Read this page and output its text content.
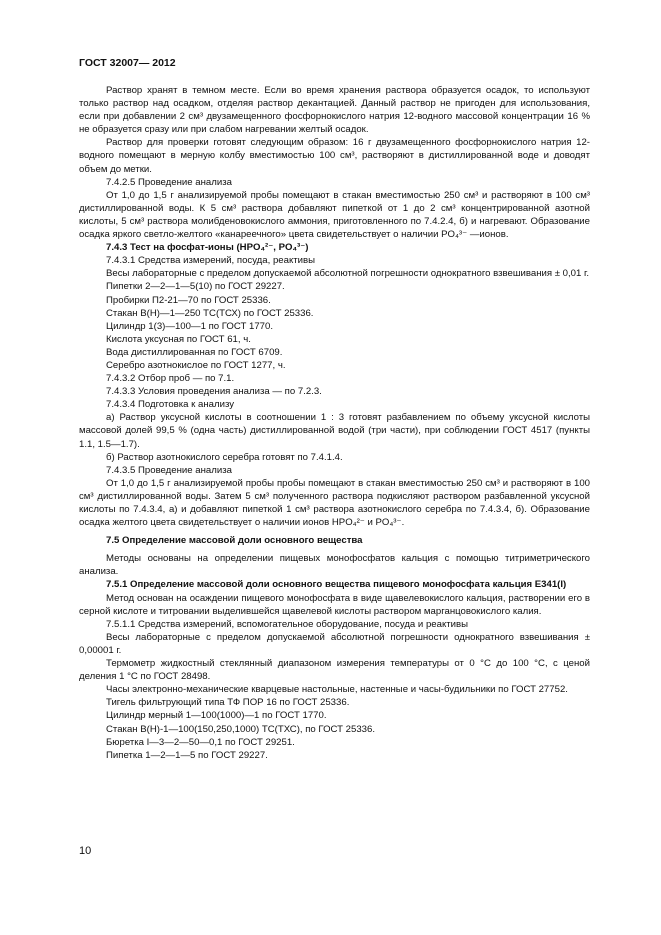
ГОСТ 32007— 2012

Раствор хранят в темном месте. Если во время хранения раствора образуется осадок, то используют только раствор над осадком, отделяя раствор декантацией. Данный раствор не пригоден для использования, если при добавлении 2 см³ двузамещенного фосфорнокислого натрия 12-водного массовой концентрации 16 % не образуется сразу или при слабом нагревании желтый осадок.

Раствор для проверки готовят следующим образом: 16 г двузамещенного фосфорнокислого натрия 12-водного помещают в мерную колбу вместимостью 100 см³, растворяют в дистиллированной воде и доводят объем до метки.

7.4.2.5 Проведение анализа

От 1,0 до 1,5 г анализируемой пробы помещают в стакан вместимостью 250 см³ и растворяют в 100 см³ дистиллированной воды. К 5 см³ раствора добавляют пипеткой от 1 до 2 см³ концентрированной азотной кислоты, 5 см³ раствора молибденовокислого аммония, приготовленного по 7.4.2.4, б) и нагревают. Образование осадка яркого светло-желтого «канареечного» цвета свидетельствует о наличии PO₄³⁻ —ионов.

7.4.3 Тест на фосфат-ионы (HPO₄²⁻, PO₄³⁻)

7.4.3.1 Средства измерений, посуда, реактивы

Весы лабораторные с пределом допускаемой абсолютной погрешности однократного взвешивания ± 0,01 г.

Пипетки 2—2—1—5(10) по ГОСТ 29227.

Пробирки П2-21—70 по ГОСТ 25336.

Стакан В(Н)—1—250 ТС(ТСХ) по ГОСТ 25336.

Цилиндр 1(3)—100—1 по ГОСТ 1770.

Кислота уксусная по ГОСТ 61, ч.

Вода дистиллированная по ГОСТ 6709.

Серебро азотнокислое по ГОСТ 1277, ч.

7.4.3.2 Отбор проб — по 7.1.

7.4.3.3 Условия проведения анализа — по 7.2.3.

7.4.3.4 Подготовка к анализу

а) Раствор уксусной кислоты в соотношении 1 : 3 готовят разбавлением по объему уксусной кислоты массовой долей 99,5 % (одна часть) дистиллированной водой (три части), при соблюдении ГОСТ 4517 (пункты 1.1, 1.5—1.7).

б) Раствор азотнокислого серебра готовят по 7.4.1.4.

7.4.3.5 Проведение анализа

От 1,0 до 1,5 г анализируемой пробы пробы помещают в стакан вместимостью 250 см³ и растворяют в 100 см³ дистиллированной воды. Затем 5 см³ полученного раствора подкисляют раствором разбавленной уксусной кислоты по 7.4.3.4, а) и добавляют пипеткой 1 см³ раствора азотнокислого серебра по 7.4.3.4, б). Образование осадка желтого цвета свидетельствует о наличии ионов HPO₄²⁻ и PO₄³⁻.

7.5 Определение массовой доли основного вещества

Методы основаны на определении пищевых монофосфатов кальция с помощью титриметрического анализа.

7.5.1 Определение массовой доли основного вещества пищевого монофосфата кальция Е341(I)

Метод основан на осаждении пищевого монофосфата в виде щавелевокислого кальция, растворении его в серной кислоте и титровании выделившейся щавелевой кислоты раствором марганцовокислого калия.

7.5.1.1 Средства измерений, вспомогательное оборудование, посуда и реактивы

Весы лабораторные с пределом допускаемой абсолютной погрешности однократного взвешивания ± 0,00001 г.

Термометр жидкостный стеклянный диапазоном измерения температуры от 0 °С до 100 °С, с ценой деления 1 °С по ГОСТ 28498.

Часы электронно-механические кварцевые настольные, настенные и часы-будильники по ГОСТ 27752.

Тигель фильтрующий типа ТФ ПОР 16 по ГОСТ 25336.

Цилиндр мерный 1—100(1000)—1 по ГОСТ 1770.

Стакан В(Н)-1—100(150,250,1000) ТС(ТХС), по ГОСТ 25336.

Бюретка I—3—2—50—0,1 по ГОСТ 29251.

Пипетка 1—2—1—5 по ГОСТ 29227.

10
